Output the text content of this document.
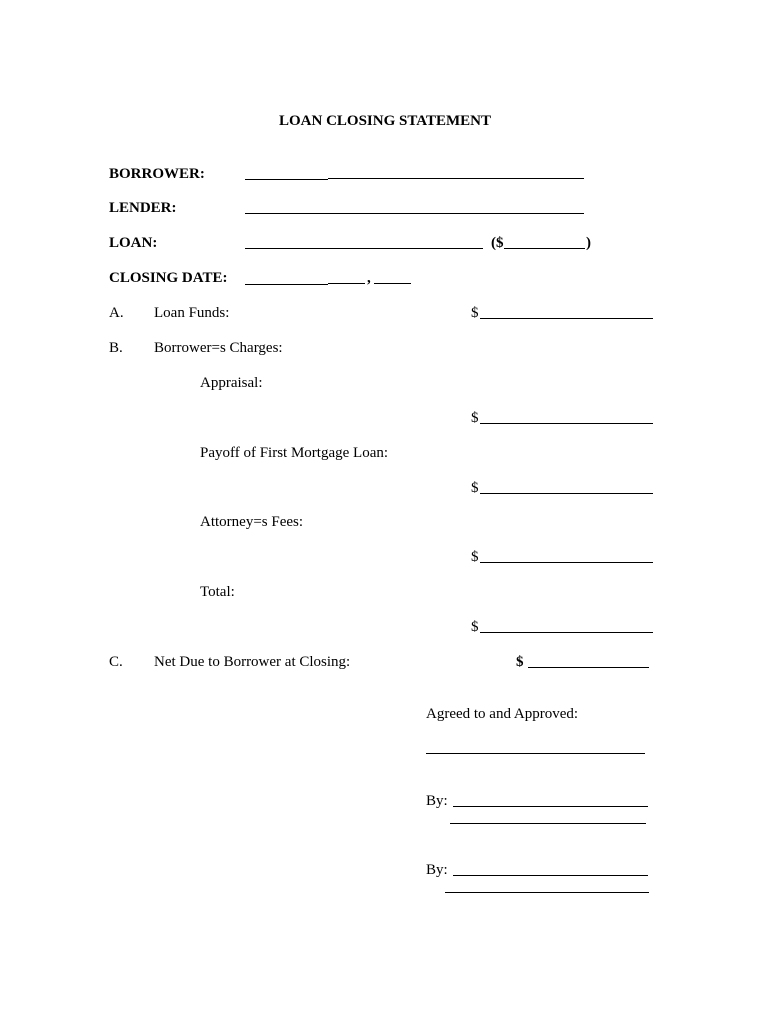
LOAN CLOSING STATEMENT
BORROWER:
LENDER:
LOAN:	($	)
CLOSING DATE:	,
A. Loan Funds:	$
B. Borrower=s Charges:
Appraisal:
$
Payoff of First Mortgage Loan:
$
Attorney=s Fees:
$
Total:
$
C. Net Due to Borrower at Closing:	$
Agreed to and Approved:
By:
By:
